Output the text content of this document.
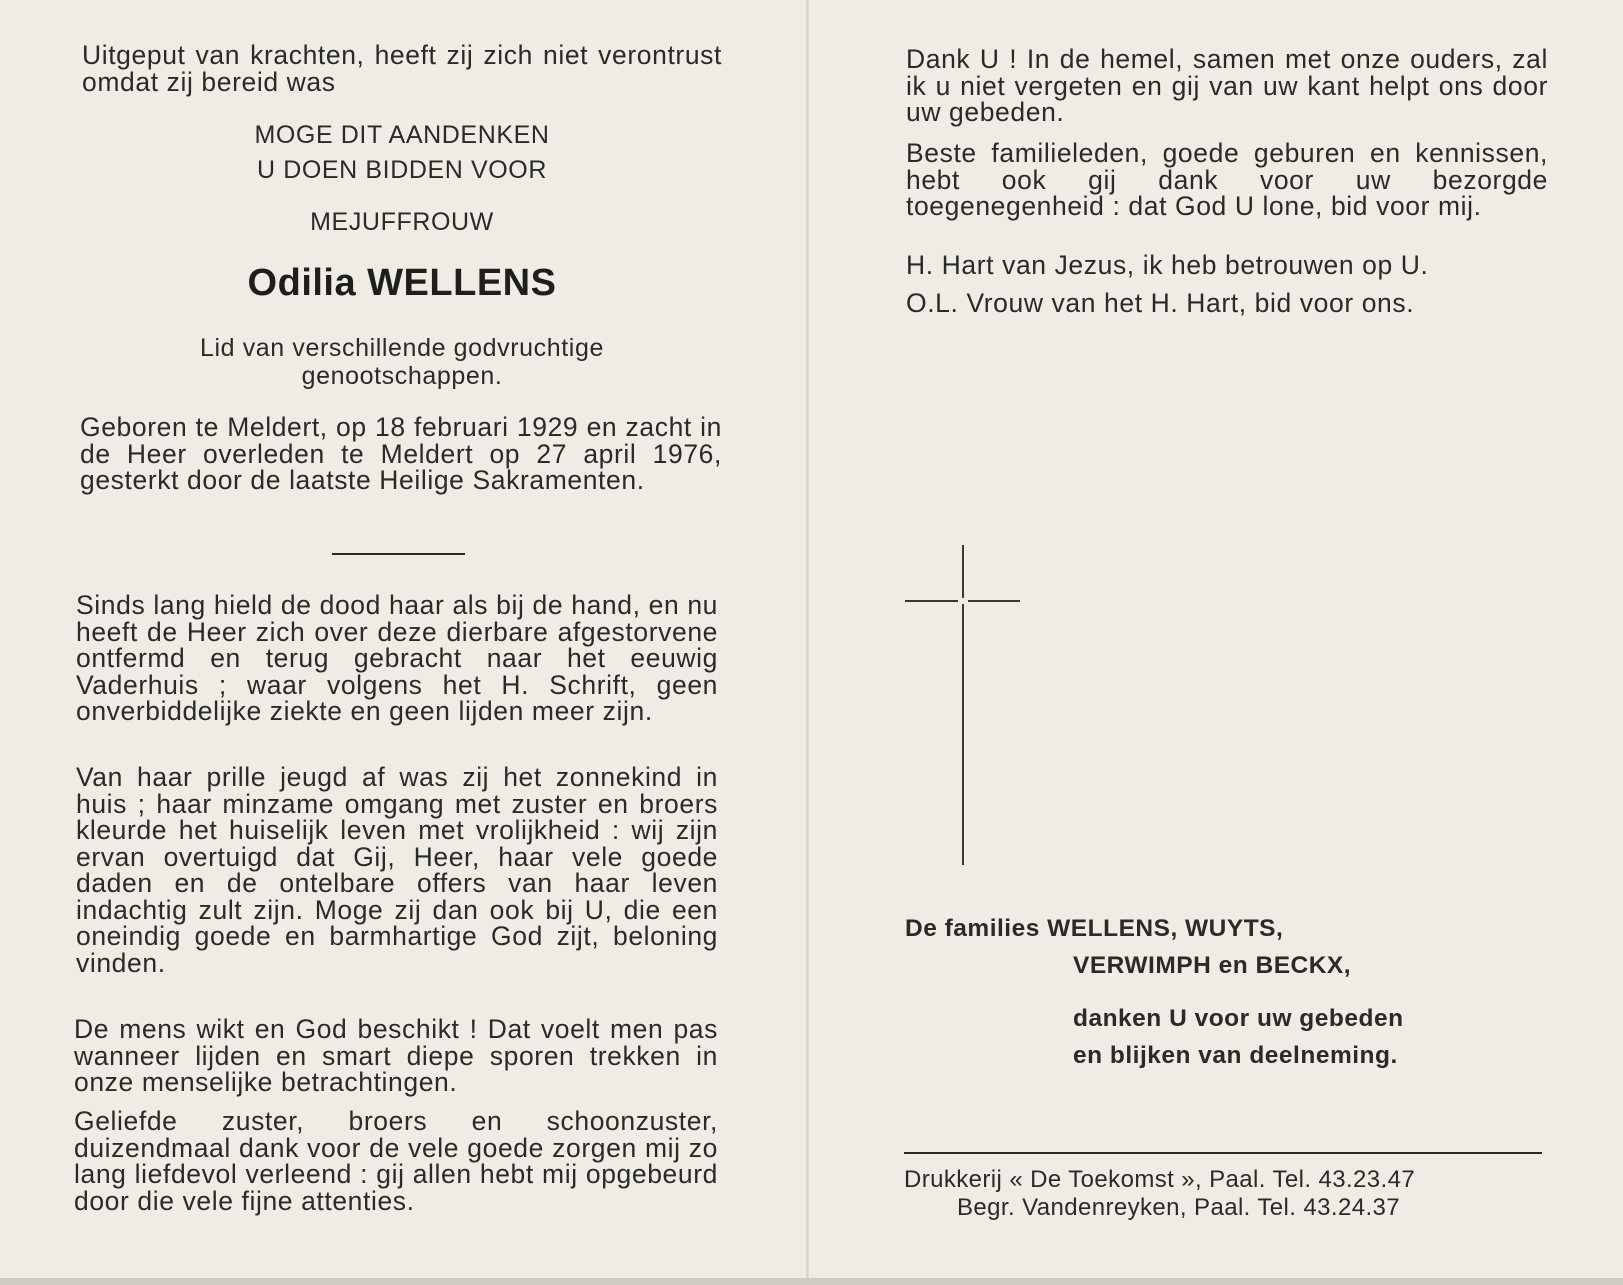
Uitgeput van krachten, heeft zij zich niet verontrust omdat zij bereid was

MOGE DIT AANDENKEN

U DOEN BIDDEN VOOR

MEJUFFROUW

Odilia WELLENS

Lid van verschillende godvruchtige

genootschappen.

Geboren te Meldert, op 18 februari 1929 en zacht in de Heer overleden te Meldert op 27 april 1976, gesterkt door de laatste Heilige Sakramenten.

Sinds lang hield de dood haar als bij de hand, en nu heeft de Heer zich over deze dierbare afgestorvene ontfermd en terug gebracht naar het eeuwig Vaderhuis ; waar volgens het H. Schrift, geen onverbiddelijke ziekte en geen lijden meer zijn.

Van haar prille jeugd af was zij het zonnekind in huis ; haar minzame omgang met zuster en broers kleurde het huiselijk leven met vrolijkheid : wij zijn ervan overtuigd dat Gij, Heer, haar vele goede daden en de ontelbare offers van haar leven indachtig zult zijn. Moge zij dan ook bij U, die een oneindig goede en barmhartige God zijt, beloning vinden.

De mens wikt en God beschikt ! Dat voelt men pas wanneer lijden en smart diepe sporen trekken in onze menselijke betrachtingen.

Geliefde zuster, broers en schoonzuster, duizendmaal dank voor de vele goede zorgen mij zo lang liefdevol verleend : gij allen hebt mij opgebeurd door die vele fijne attenties.

Dank U ! In de hemel, samen met onze ouders, zal ik u niet vergeten en gij van uw kant helpt ons door uw gebeden.

Beste familieleden, goede geburen en kennissen, hebt ook gij dank voor uw bezorgde toegenegenheid : dat God U lone, bid voor mij.

H. Hart van Jezus, ik heb betrouwen op U.

O.L. Vrouw van het H. Hart, bid voor ons.

De families WELLENS, WUYTS,

VERWIMPH en BECKX,

danken U voor uw gebeden

en blijken van deelneming.

Drukkerij « De Toekomst », Paal. Tel. 43.23.47

Begr. Vandenreyken, Paal. Tel. 43.24.37
